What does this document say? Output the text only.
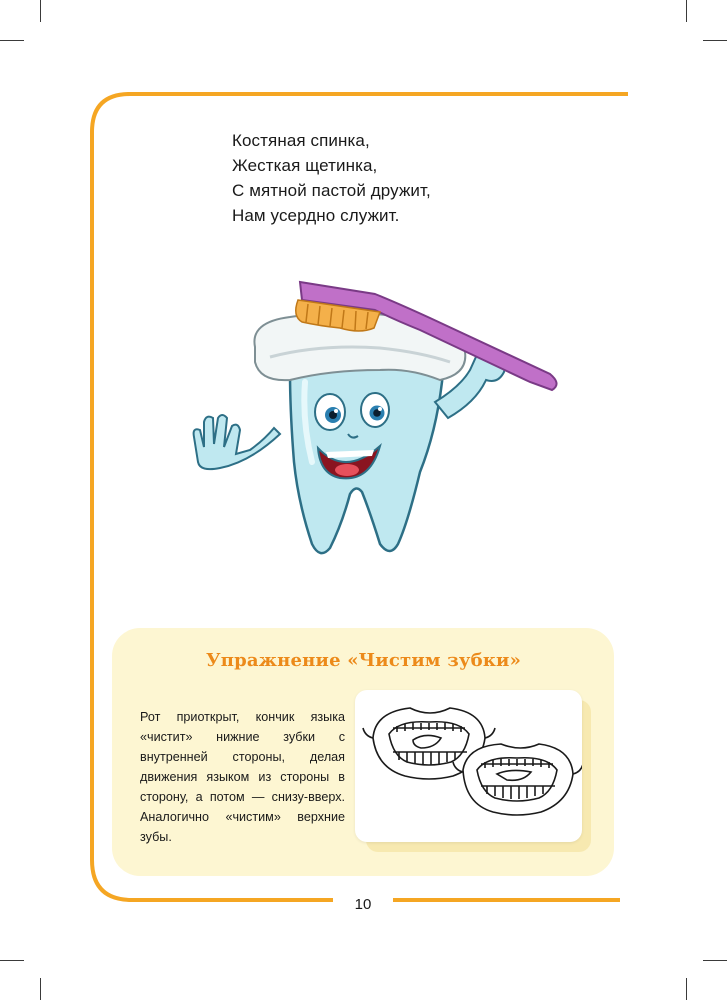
Костяная спинка,
Жесткая щетинка,
С мятной пастой дружит,
Нам усердно служит.
Упражнение «Чистим зубки»
Рот приоткрыт, кончик языка «чистит» нижние зубки с внутренней стороны, делая движения языком из стороны в сторону, а потом — снизу-вверх. Аналогично «чистим» верхние зубы.
10
